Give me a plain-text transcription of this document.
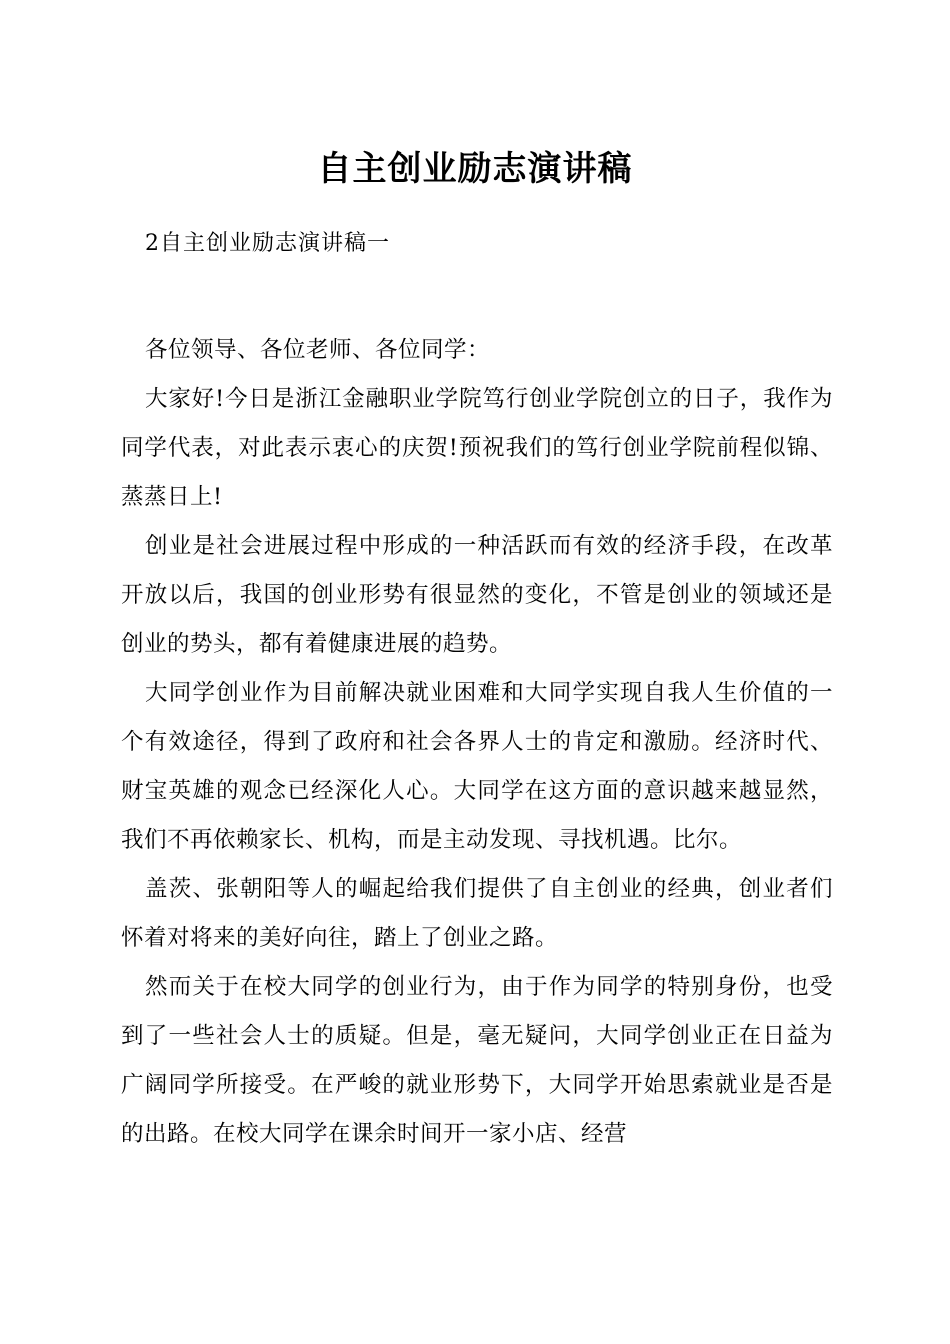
自主创业励志演讲稿
2自主创业励志演讲稿一

各位领导、各位老师、各位同学：

大家好!今日是浙江金融职业学院笃行创业学院创立的日子，我作为同学代表，对此表示衷心的庆贺!预祝我们的笃行创业学院前程似锦、蒸蒸日上!

创业是社会进展过程中形成的一种活跃而有效的经济手段，在改革开放以后，我国的创业形势有很显然的变化，不管是创业的领域还是创业的势头，都有着健康进展的趋势。

大同学创业作为目前解决就业困难和大同学实现自我人生价值的一个有效途径，得到了政府和社会各界人士的肯定和激励。经济时代、财宝英雄的观念已经深化人心。大同学在这方面的意识越来越显然，我们不再依赖家长、机构，而是主动发现、寻找机遇。比尔。

盖茨、张朝阳等人的崛起给我们提供了自主创业的经典，创业者们怀着对将来的美好向往，踏上了创业之路。

然而关于在校大同学的创业行为，由于作为同学的特别身份，也受到了一些社会人士的质疑。但是，毫无疑问，大同学创业正在日益为广阔同学所接受。在严峻的就业形势下，大同学开始思索就业是否是的出路。在校大同学在课余时间开一家小店、经营
